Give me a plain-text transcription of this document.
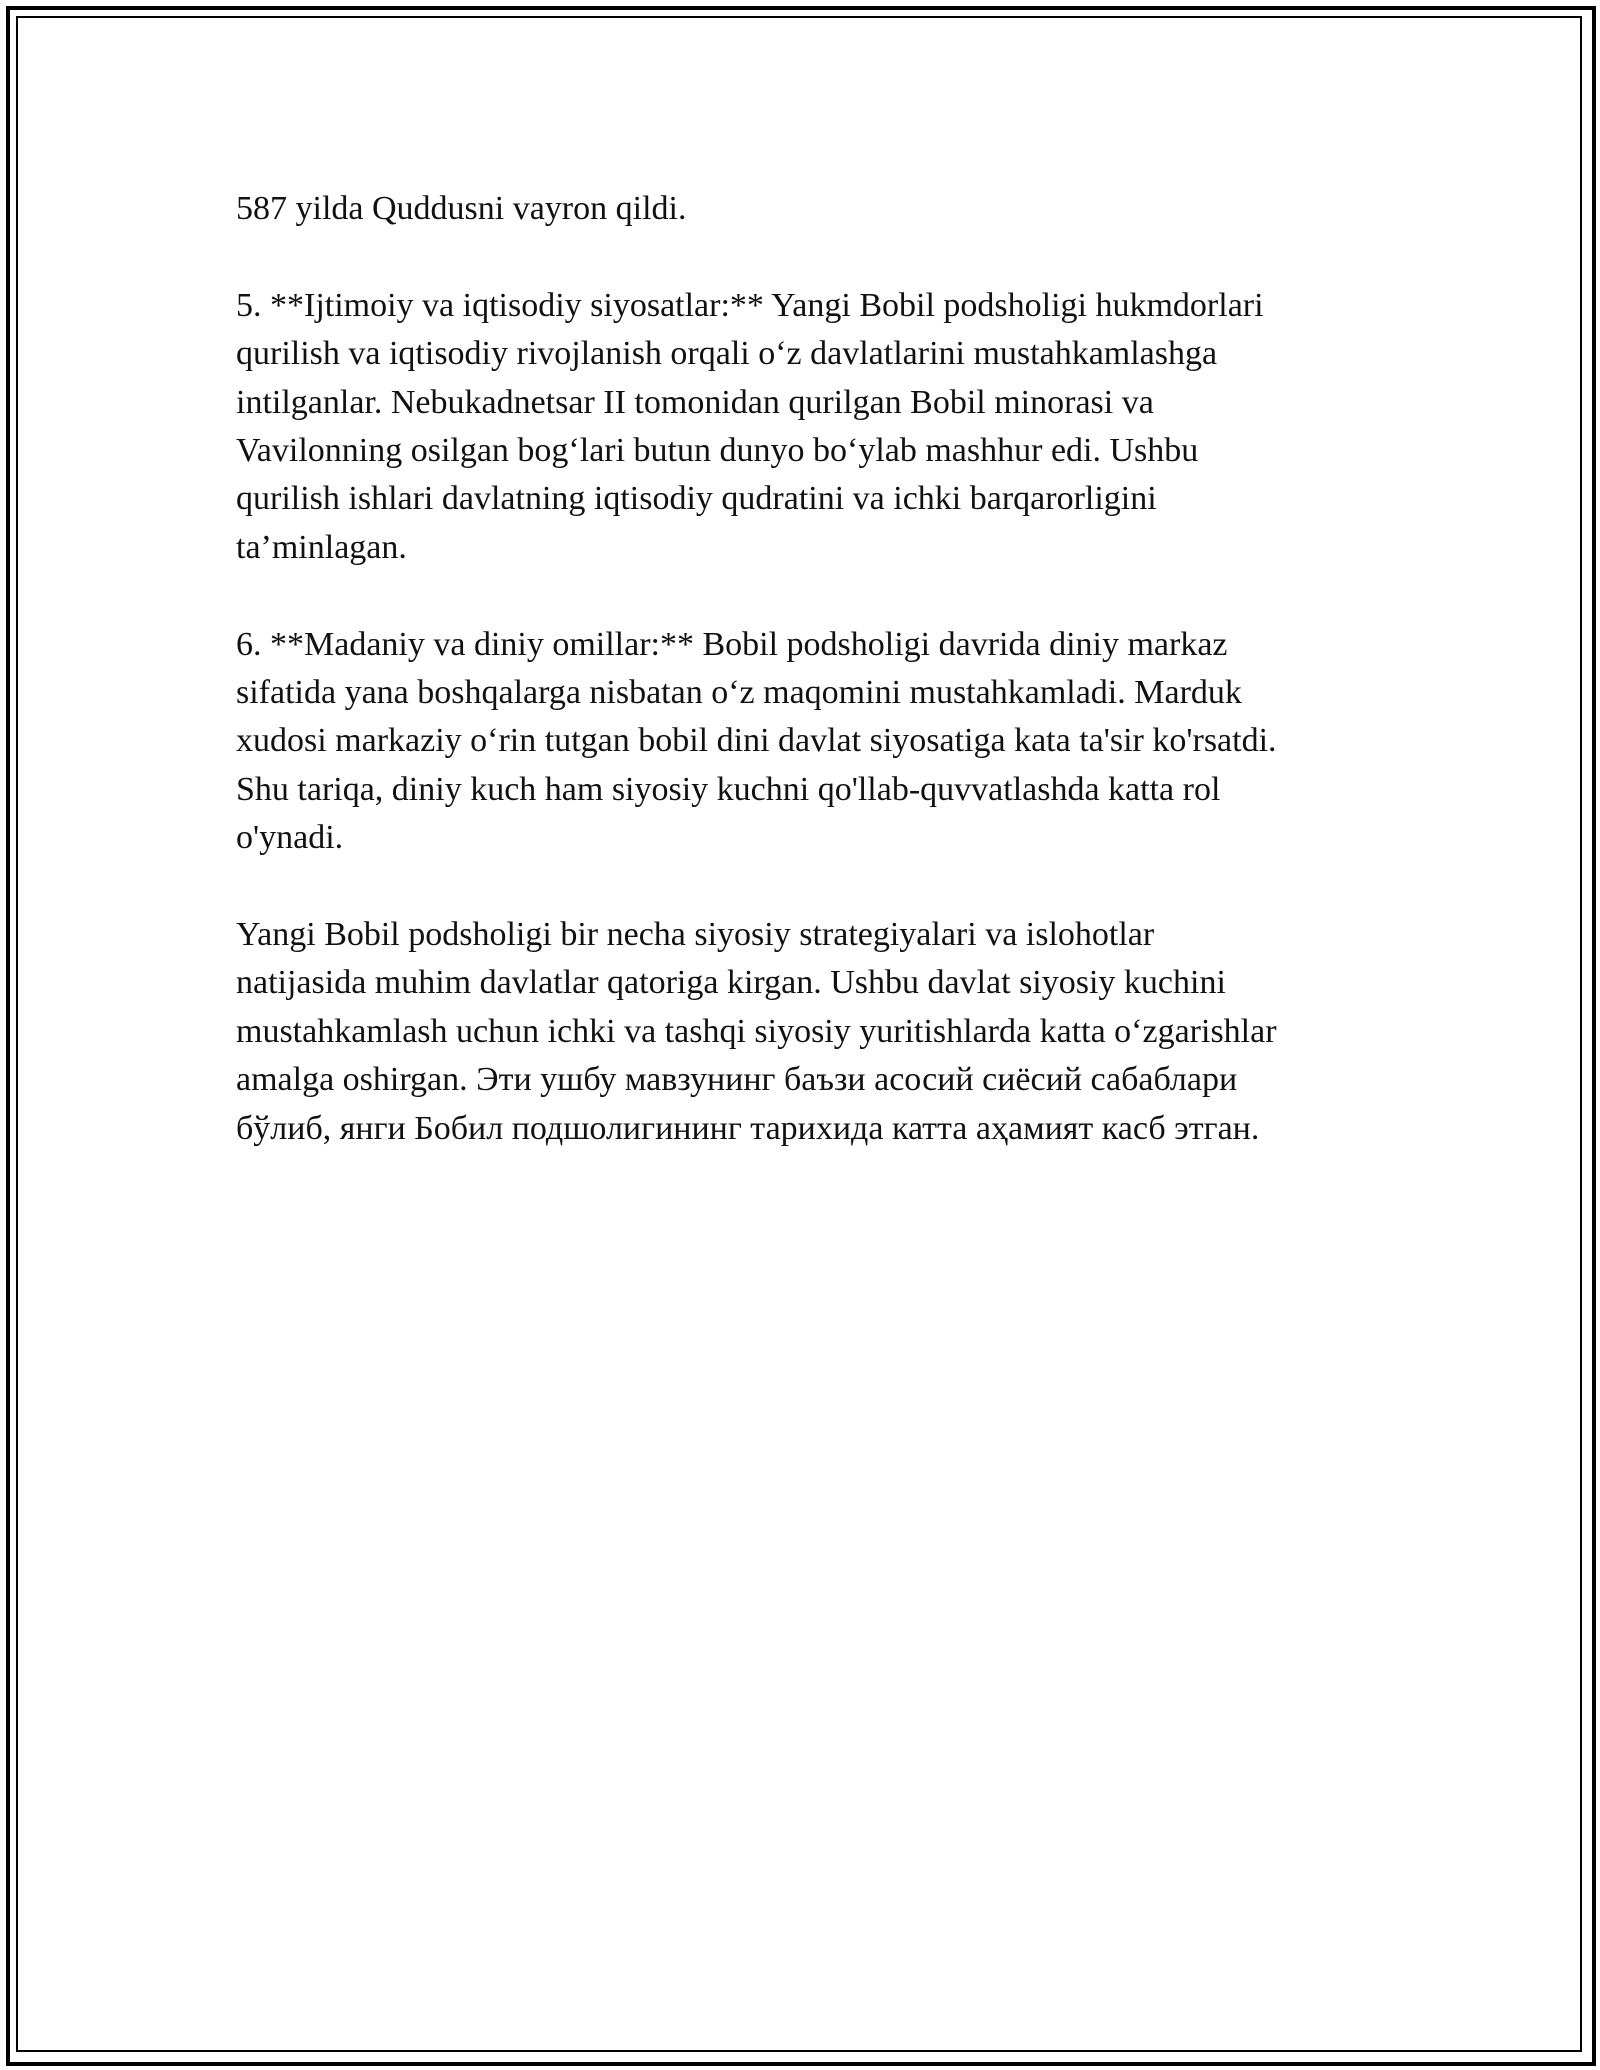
587 yilda Quddusni vayron qildi.

5. **Ijtimoiy va iqtisodiy siyosatlar:** Yangi Bobil podsholigi hukmdorlari
qurilish va iqtisodiy rivojlanish orqali oʻz davlatlarini mustahkamlashga
intilganlar. Nebukadnetsar II tomonidan qurilgan Bobil minorasi va
Vavilonning osilgan bogʻlari butun dunyo boʻylab mashhur edi. Ushbu
qurilish ishlari davlatning iqtisodiy qudratini va ichki barqarorligini
ta’minlagan.

6. **Madaniy va diniy omillar:** Bobil podsholigi davrida diniy markaz
sifatida yana boshqalarga nisbatan oʻz maqomini mustahkamladi. Marduk
xudosi markaziy oʻrin tutgan bobil dini davlat siyosatiga kata ta'sir ko'rsatdi.
Shu tariqa, diniy kuch ham siyosiy kuchni qo'llab-quvvatlashda katta rol
o'ynadi.

Yangi Bobil podsholigi bir necha siyosiy strategiyalari va islohotlar
natijasida muhim davlatlar qatoriga kirgan. Ushbu davlat siyosiy kuchini
mustahkamlash uchun ichki va tashqi siyosiy yuritishlarda katta oʻzgarishlar
amalga oshirgan. Эти ушбу мавзунинг баъзи асосий сиёсий сабаблари
бўлиб, янги Бобил подшолигининг тарихида катта аҳамият касб этган.
